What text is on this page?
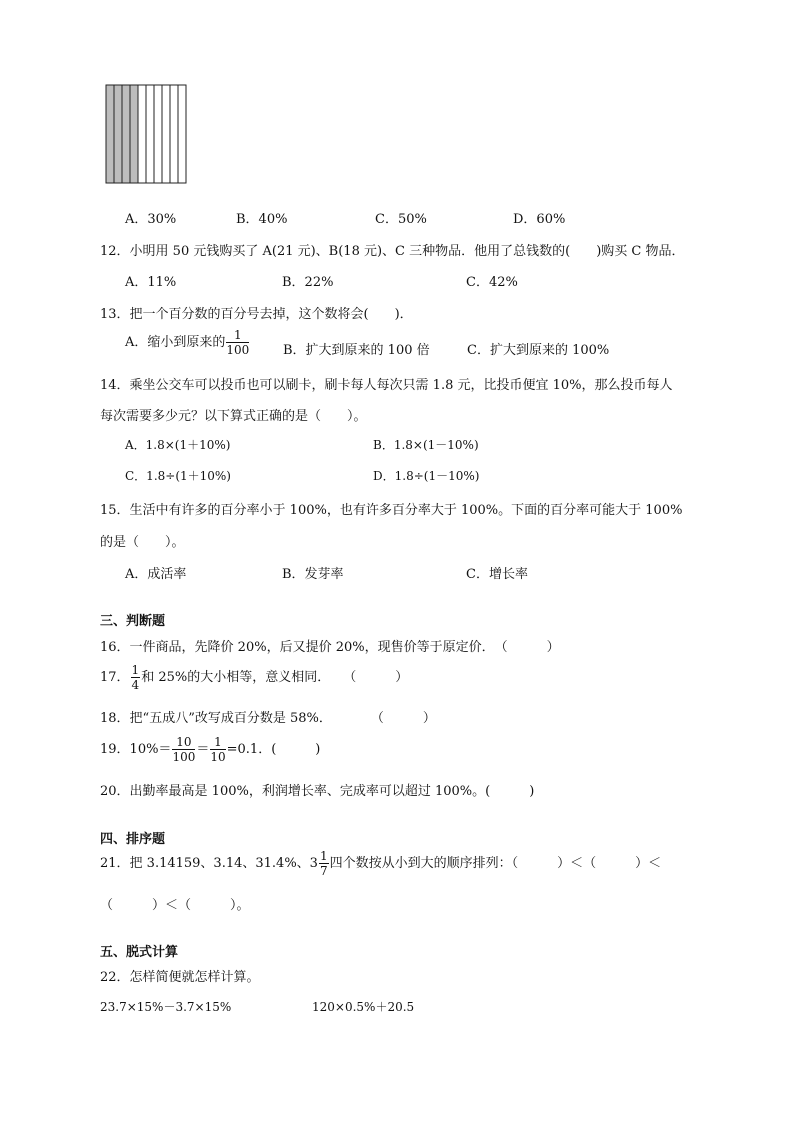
A．30%	B．40%	C．50%	D．60%
12．小明用 50 元钱购买了 A(21 元)、B(18 元)、C 三种物品．他用了总钱数的(　　)购买 C 物品．
A．11%	B．22%	C．42%
13．把一个百分数的百分号去掉，这个数将会(　　)．
A．缩小到原来的 $\frac{1}{100}$	B．扩大到原来的 100 倍	C．扩大到原来的 100%
14．乘坐公交车可以投币也可以刷卡，刷卡每人每次只需 1.8 元，比投币便宜 10%，那么投币每人
每次需要多少元？以下算式正确的是（　　）。
A．1.8×(1＋10%)	B．1.8×(1－10%)
C．1.8÷(1＋10%)	D．1.8÷(1－10%)
15．生活中有许多的百分率小于 100%，也有许多百分率大于 100%。下面的百分率可能大于 100%
的是（　　）。
A．成活率	B．发芽率	C．增长率
三、判断题
16．一件商品，先降价 20%，后又提价 20%，现售价等于原定价．　（　　　）
17． $\frac{1}{4}$ 和 25%的大小相等，意义相同．　　（　　　）
18．把“五成八”改写成百分数是 58%．　　　　（　　　）
19．$10\%= \frac{10}{100} = \frac{1}{10} =0.1$．(　　　)
20．出勤率最高是 100%，利润增长率、完成率可以超过 100%。(　　　)
四、排序题
21．把 3.14159、3.14、31.4%、$3 \frac{1}{7}$ 四个数按从小到大的顺序排列：（　　　）＜（　　　）＜
（　　　）＜（　　　）。
五、脱式计算
22．怎样简便就怎样计算。
23.7×15%－3.7×15%	120×0.5%＋20.5
